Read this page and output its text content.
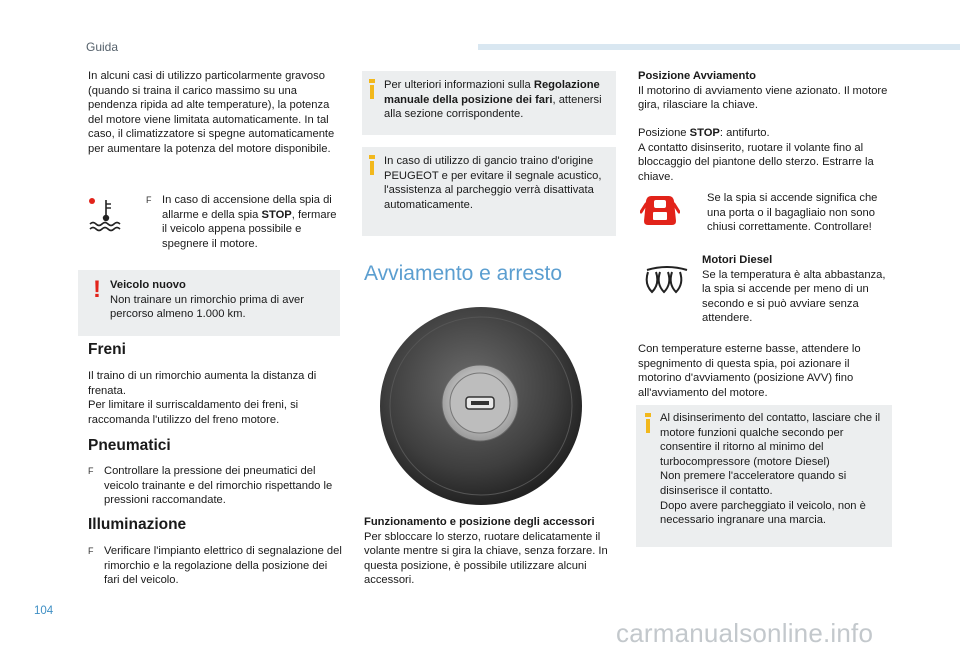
Guida
In alcuni casi di utilizzo particolarmente gravoso (quando si traina il carico massimo su una pendenza ripida ad alte temperature), la potenza del motore viene limitata automaticamente. In tal caso, il climatizzatore si spegne automaticamente per aumentare la potenza del motore disponibile.
F In caso di accensione della spia di allarme e della spia STOP, fermare il veicolo appena possibile e spegnere il motore.
! Veicolo nuovo
Non trainare un rimorchio prima di aver percorso almeno 1.000 km.
Freni
Il traino di un rimorchio aumenta la distanza di frenata.
Per limitare il surriscaldamento dei freni, si raccomanda l'utilizzo del freno motore.
Pneumatici
F Controllare la pressione dei pneumatici del veicolo trainante e del rimorchio rispettando le pressioni raccomandate.
Illuminazione
F Verificare l'impianto elettrico di segnalazione del rimorchio e la regolazione della posizione dei fari del veicolo.
Per ulteriori informazioni sulla Regolazione manuale della posizione dei fari, attenersi alla sezione corrispondente.
In caso di utilizzo di gancio traino d'origine PEUGEOT e per evitare il segnale acustico, l'assistenza al parcheggio verrà disattivata automaticamente.
Avviamento e arresto
Funzionamento e posizione degli accessori
Per sbloccare lo sterzo, ruotare delicatamente il volante mentre si gira la chiave, senza forzare. In questa posizione, è possibile utilizzare alcuni accessori.
Posizione Avviamento
Il motorino di avviamento viene azionato. Il motore gira, rilasciare la chiave.
Posizione STOP: antifurto.
A contatto disinserito, ruotare il volante fino al bloccaggio del piantone dello sterzo. Estrarre la chiave.
Se la spia si accende significa che una porta o il bagagliaio non sono chiusi correttamente. Controllare!
Motori Diesel
Se la temperatura è alta abbastanza, la spia si accende per meno di un secondo e si può avviare senza attendere.
Con temperature esterne basse, attendere lo spegnimento di questa spia, poi azionare il motorino d'avviamento (posizione AVV) fino all'avviamento del motore.
Al disinserimento del contatto, lasciare che il motore funzioni qualche secondo per consentire il ritorno al minimo del turbocompressore (motore Diesel)
Non premere l'acceleratore quando si disinserisce il contatto.
Dopo avere parcheggiato il veicolo, non è necessario ingranare una marcia.
104
carmanualsonline.info
